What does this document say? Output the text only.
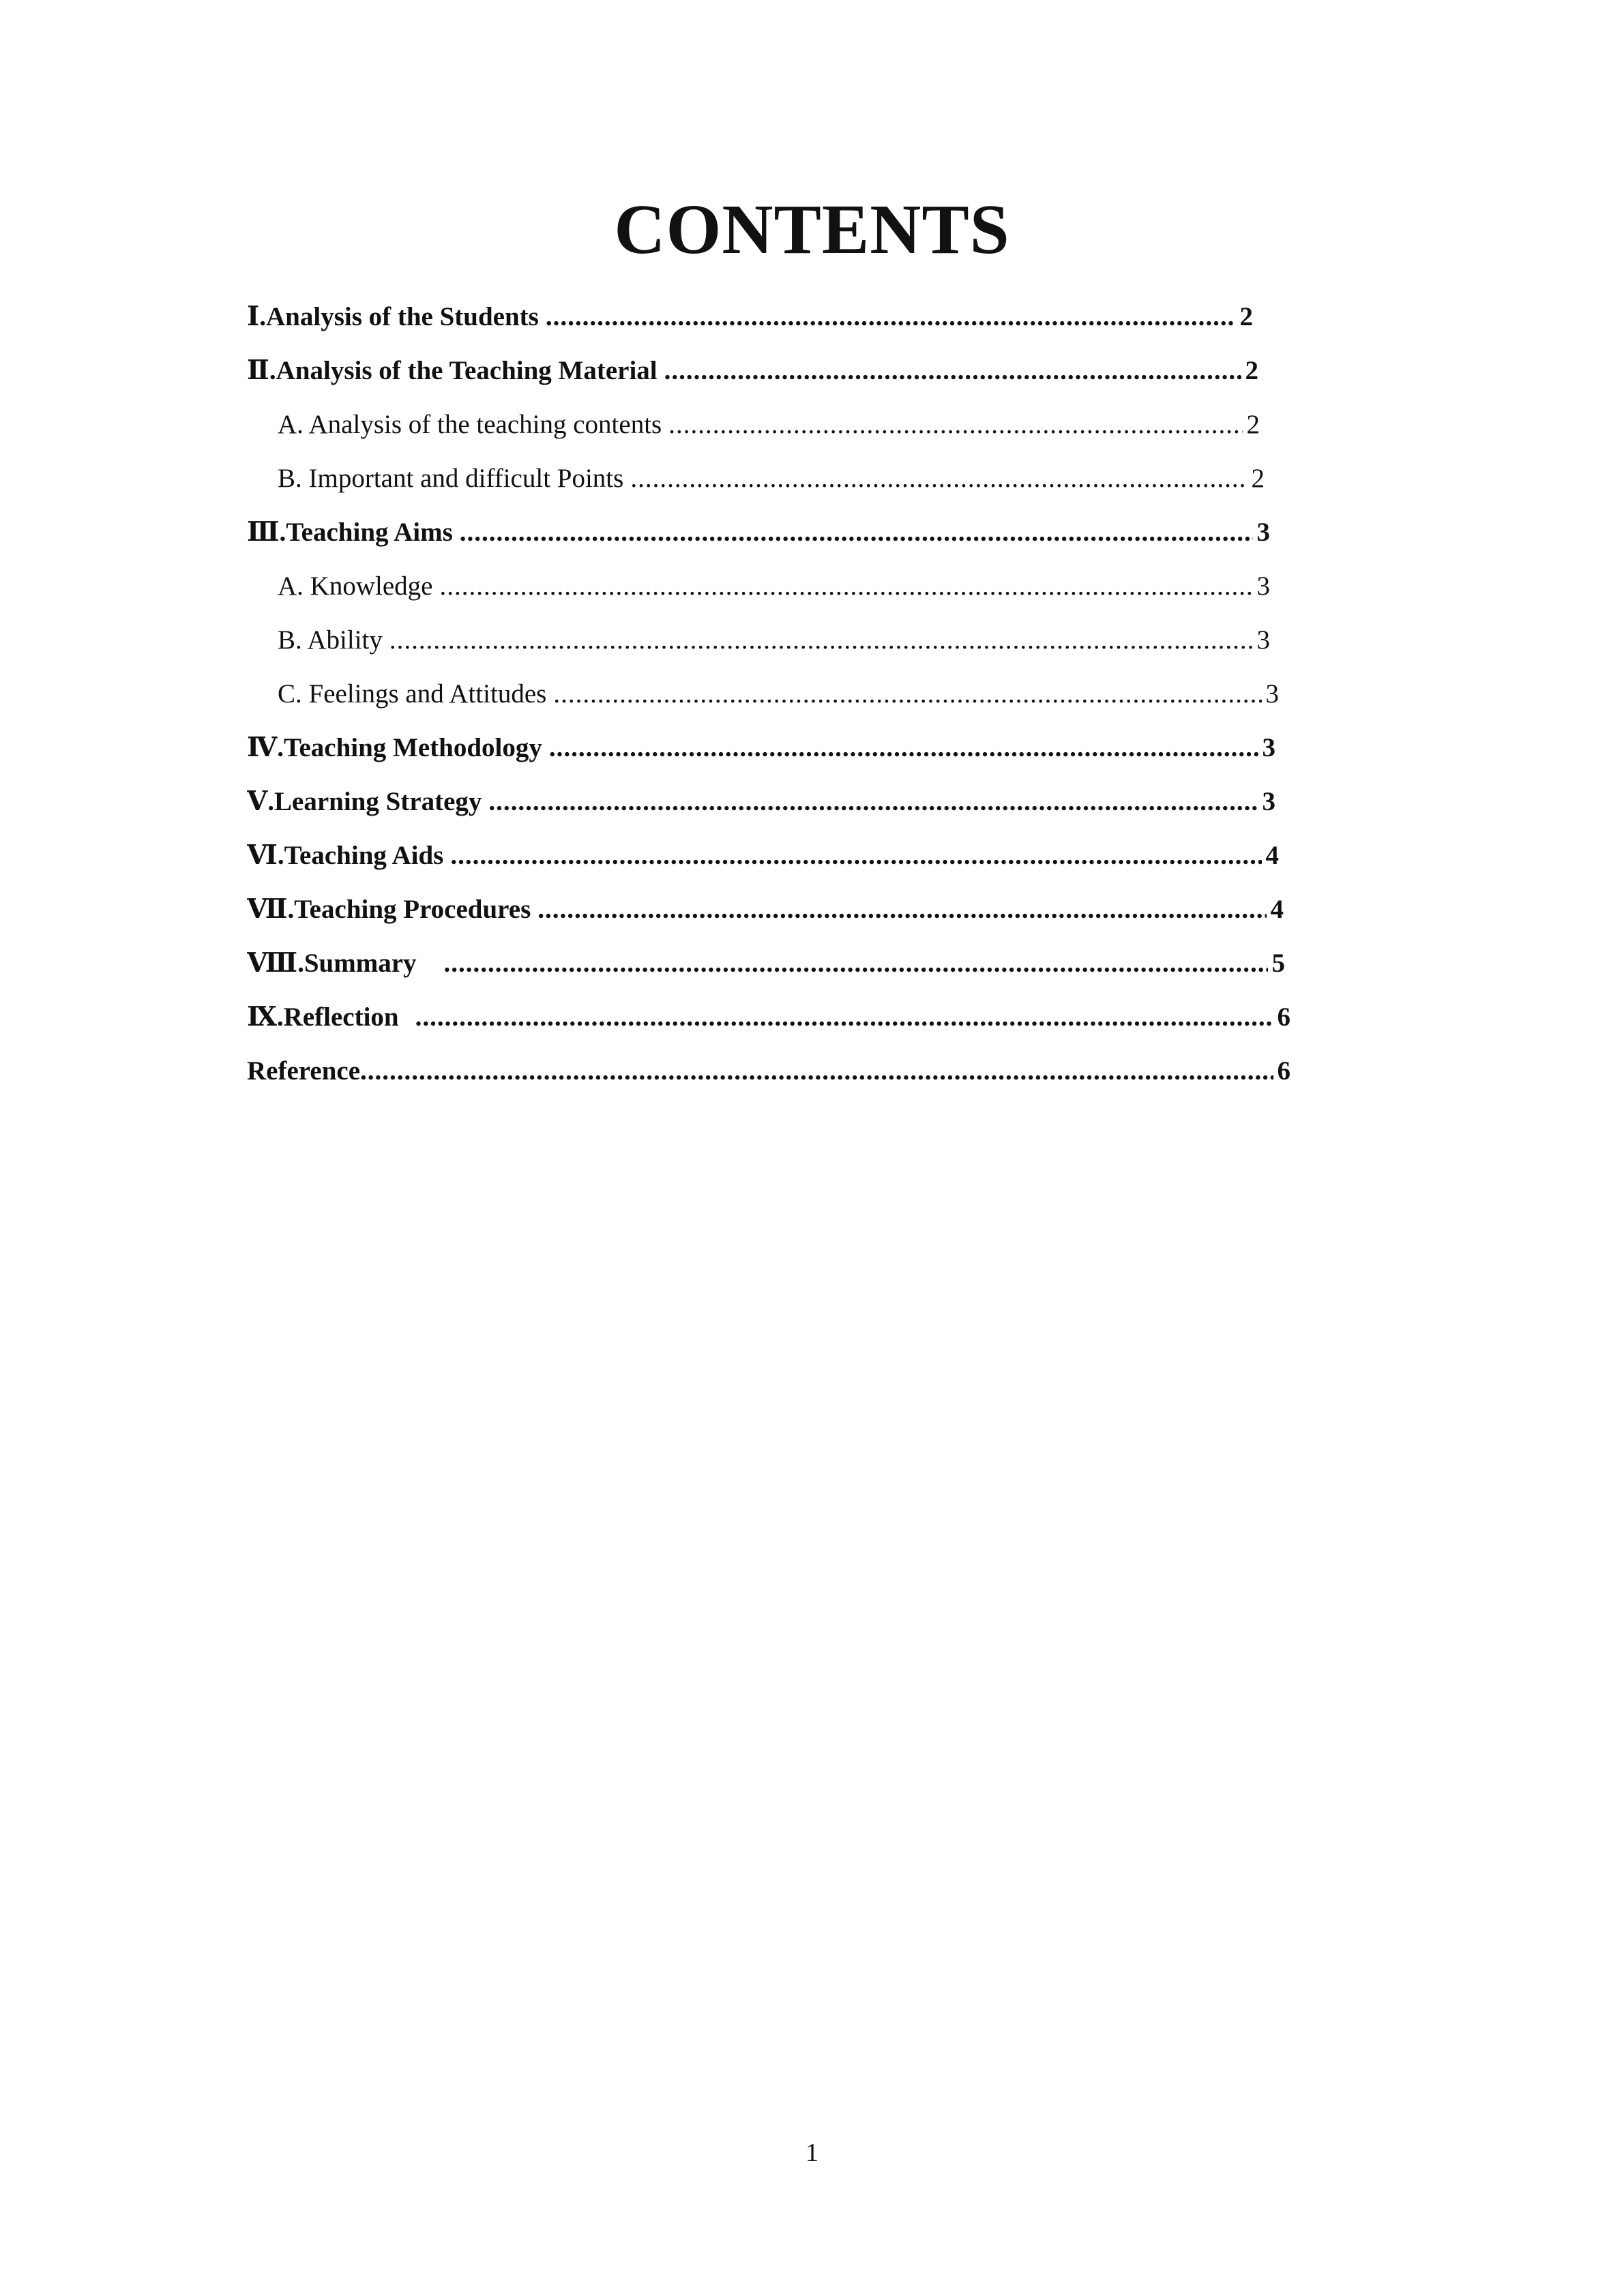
CONTENTS
Ⅰ. Analysis of the Students .....	2
Ⅱ. Analysis of the Teaching Material .....	2
A. Analysis of the teaching contents .....	2
B. Important and difficult Points .....	2
Ⅲ. Teaching Aims .....	3
A. Knowledge .....	3
B. Ability .....	3
C. Feelings and Attitudes .....	3
Ⅳ. Teaching Methodology .....	3
Ⅴ. Learning Strategy .....	3
Ⅵ. Teaching Aids .....	4
Ⅶ. Teaching Procedures .....	4
Ⅷ. Summary .....	5
Ⅸ. Reflection .....	6
Reference .....	6
1
